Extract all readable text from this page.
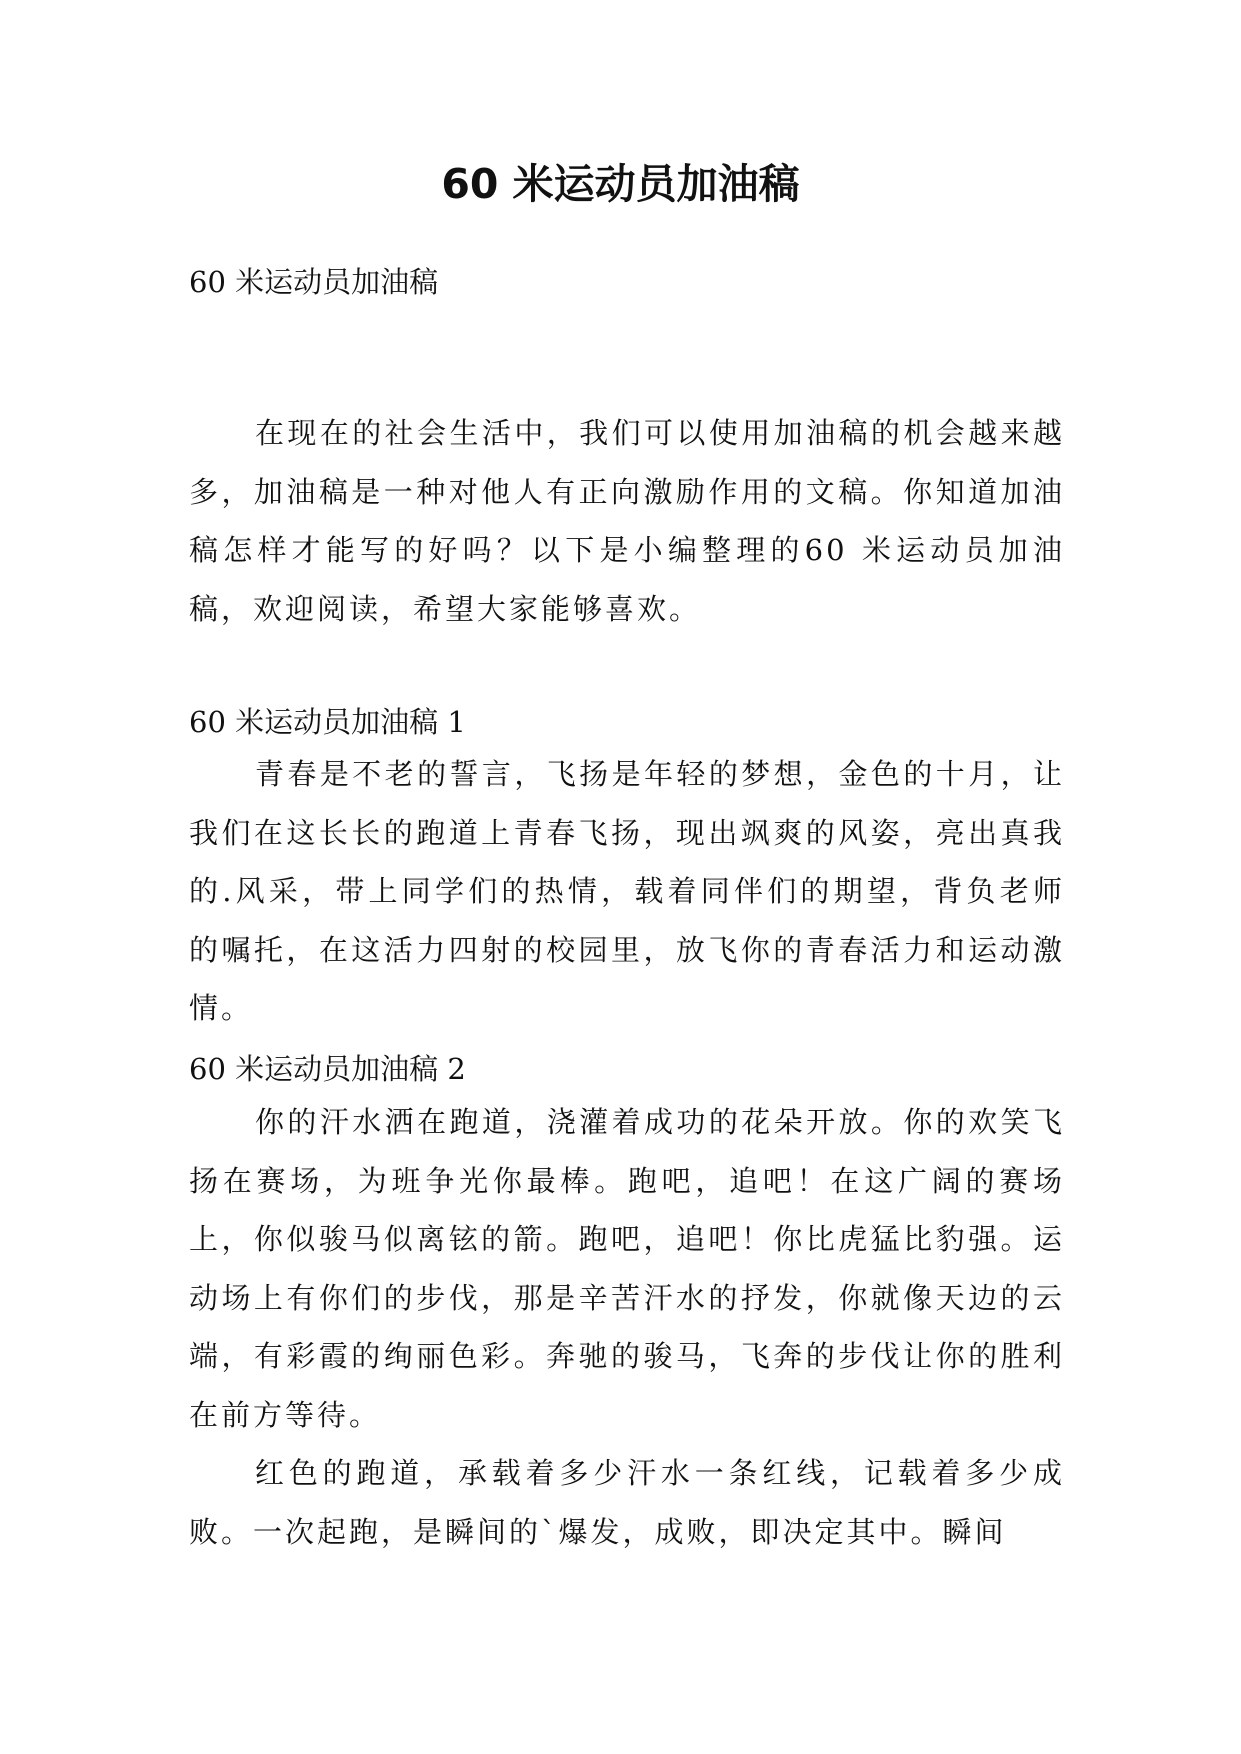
60 米运动员加油稿

60 米运动员加油稿

在现在的社会生活中，我们可以使用加油稿的机会越来越多，加油稿是一种对他人有正向激励作用的文稿。你知道加油稿怎样才能写的好吗？以下是小编整理的60 米运动员加油稿，欢迎阅读，希望大家能够喜欢。

60 米运动员加油稿 1

青春是不老的誓言，飞扬是年轻的梦想，金色的十月，让我们在这长长的跑道上青春飞扬，现出飒爽的风姿，亮出真我的.风采，带上同学们的热情，载着同伴们的期望，背负老师的嘱托，在这活力四射的校园里，放飞你的青春活力和运动激情。

60 米运动员加油稿 2

你的汗水洒在跑道，浇灌着成功的花朵开放。你的欢笑飞扬在赛场，为班争光你最棒。跑吧，追吧！在这广阔的赛场上，你似骏马似离铉的箭。跑吧，追吧！你比虎猛比豹强。运动场上有你们的步伐，那是辛苦汗水的抒发，你就像天边的云端，有彩霞的绚丽色彩。奔驰的骏马，飞奔的步伐让你的胜利在前方等待。

红色的跑道，承载着多少汗水一条红线，记载着多少成败。一次起跑，是瞬间的`爆发，成败，即决定其中。瞬间
